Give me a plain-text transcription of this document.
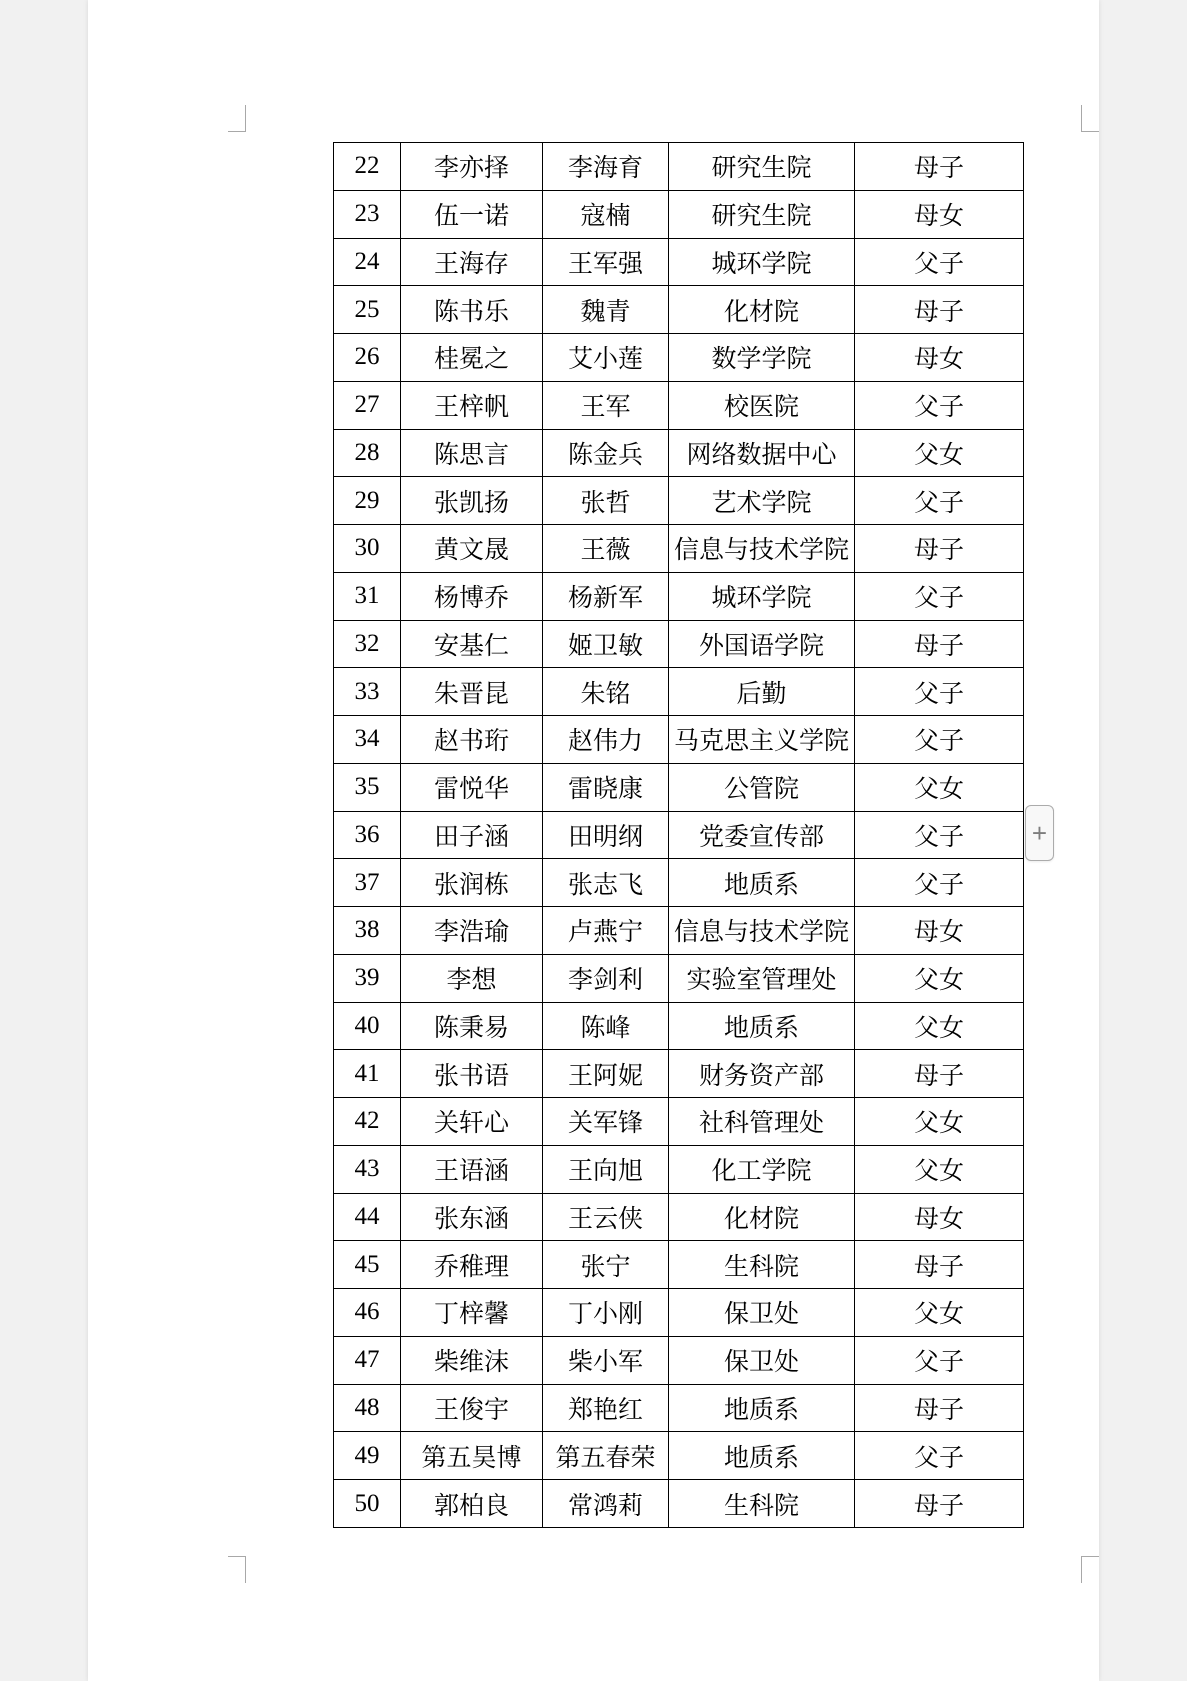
22	李亦择	李海育	研究生院	母子
23	伍一诺	寇楠	研究生院	母女
24	王海存	王军强	城环学院	父子
25	陈书乐	魏青	化材院	母子
26	桂冕之	艾小莲	数学学院	母女
27	王梓帆	王军	校医院	父子
28	陈思言	陈金兵	网络数据中心	父女
29	张凯扬	张哲	艺术学院	父子
30	黄文晟	王薇	信息与技术学院	母子
31	杨博乔	杨新军	城环学院	父子
32	安基仁	姬卫敏	外国语学院	母子
33	朱晋昆	朱铭	后勤	父子
34	赵书珩	赵伟力	马克思主义学院	父子
35	雷悦华	雷晓康	公管院	父女
36	田子涵	田明纲	党委宣传部	父子
37	张润栋	张志飞	地质系	父子
38	李浩瑜	卢燕宁	信息与技术学院	母女
39	李想	李剑利	实验室管理处	父女
40	陈秉易	陈峰	地质系	父女
41	张书语	王阿妮	财务资产部	母子
42	关轩心	关军锋	社科管理处	父女
43	王语涵	王向旭	化工学院	父女
44	张东涵	王云侠	化材院	母女
45	乔稚理	张宁	生科院	母子
46	丁梓馨	丁小刚	保卫处	父女
47	柴维沫	柴小军	保卫处	父子
48	王俊宇	郑艳红	地质系	母子
49	第五昊博	第五春荣	地质系	父子
50	郭柏良	常鸿莉	生科院	母子
+
